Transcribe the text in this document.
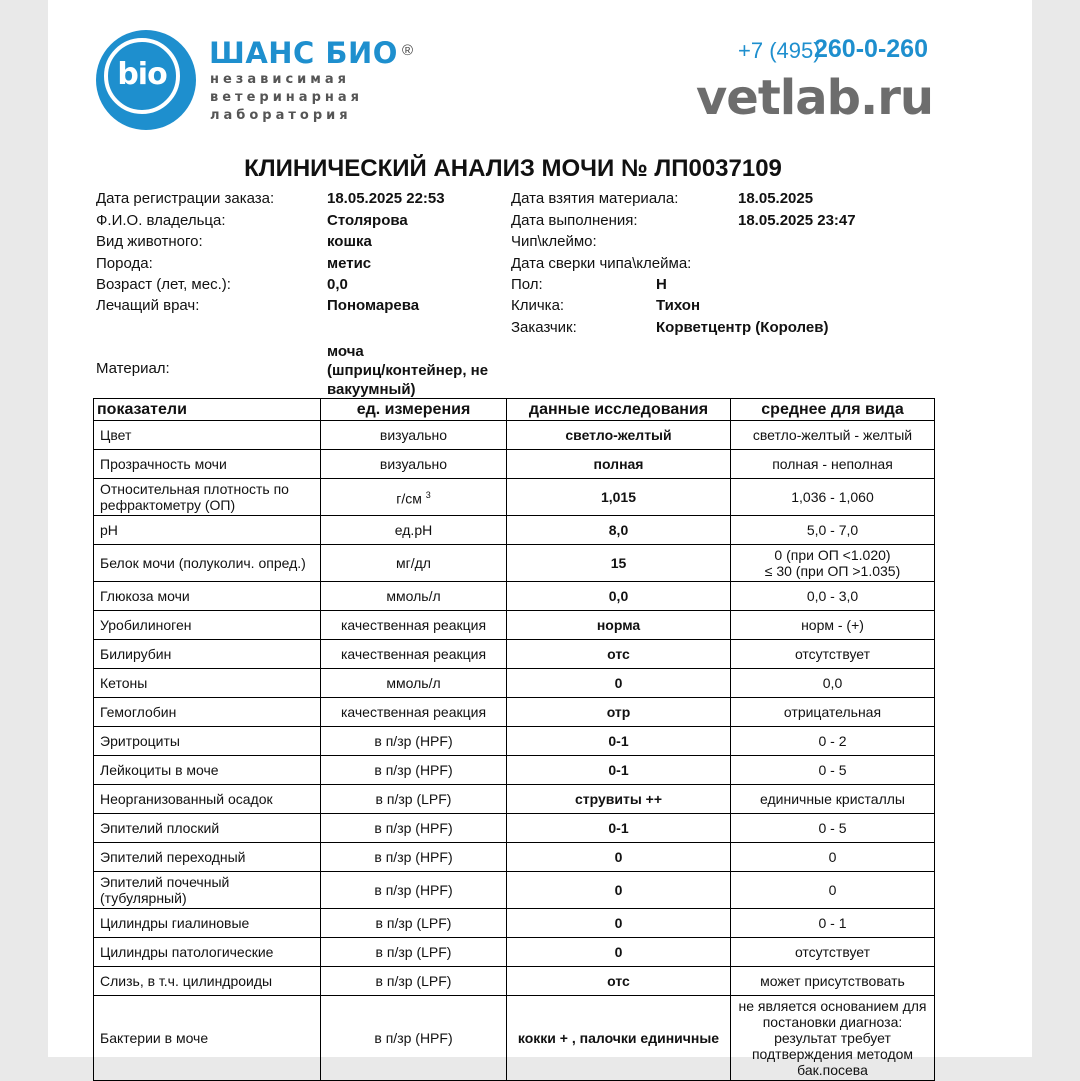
bio
ШАНС БИО ®
независимая
ветеринарная
лаборатория
+7 (495)
260-0-260
vetlab.ru
КЛИНИЧЕСКИЙ АНАЛИЗ МОЧИ № ЛП0037109
Дата регистрации заказа:	18.05.2025 22:53
Ф.И.О. владельца:	Столярова
Вид животного:	кошка
Порода:	метис
Возраст (лет, мес.):	0,0
Лечащий врач:	Пономарева
Дата взятия материала:	18.05.2025
Дата выполнения:	18.05.2025 23:47
Чип\клеймо:
Дата сверки чипа\клейма:
Пол:	Н
Кличка:	Тихон
Заказчик:	Корветцентр (Королев)
Материал:
моча
(шприц/контейнер, не
вакуумный)
показатели	ед. измерения	данные исследования	среднее для вида
Цвет	визуально	светло-желтый	светло-желтый - желтый
Прозрачность мочи	визуально	полная	полная - неполная
Относительная плотность по рефрактометру (ОП)	г/см $^3$	1,015	1,036 - 1,060
pH	ед.pH	8,0	5,0 - 7,0
Белок мочи (полуколич. опред.)	мг/дл	15	0 (при ОП <1.020)
≤ 30 (при ОП >1.035)

Глюкоза мочи	ммоль/л	0,0	0,0 - 3,0
Уробилиноген	качественная реакция	норма	норм - (+)
Билирубин	качественная реакция	отс	отсутствует
Кетоны	ммоль/л	0	0,0
Гемоглобин	качественная реакция	отр	отрицательная
Эритроциты	в п/зр (HPF)	0-1	0 - 2
Лейкоциты в моче	в п/зр (HPF)	0-1	0 - 5
Неорганизованный осадок	в п/зр (LPF)	струвиты ++	единичные кристаллы
Эпителий плоский	в п/зр (HPF)	0-1	0 - 5
Эпителий переходный	в п/зр (HPF)	0	0
Эпителий почечный (тубулярный)	в п/зр (HPF)	0	0
Цилиндры гиалиновые	в п/зр (LPF)	0	0 - 1
Цилиндры патологические	в п/зр (LPF)	0	отсутствует
Слизь, в т.ч. цилиндроиды	в п/зр (LPF)	отс	может присутствовать
Бактерии в моче	в п/зр (HPF)	кокки + , палочки единичные	не является основанием для
постановки диагноза:
результат требует
подтверждения методом
бак.посева
